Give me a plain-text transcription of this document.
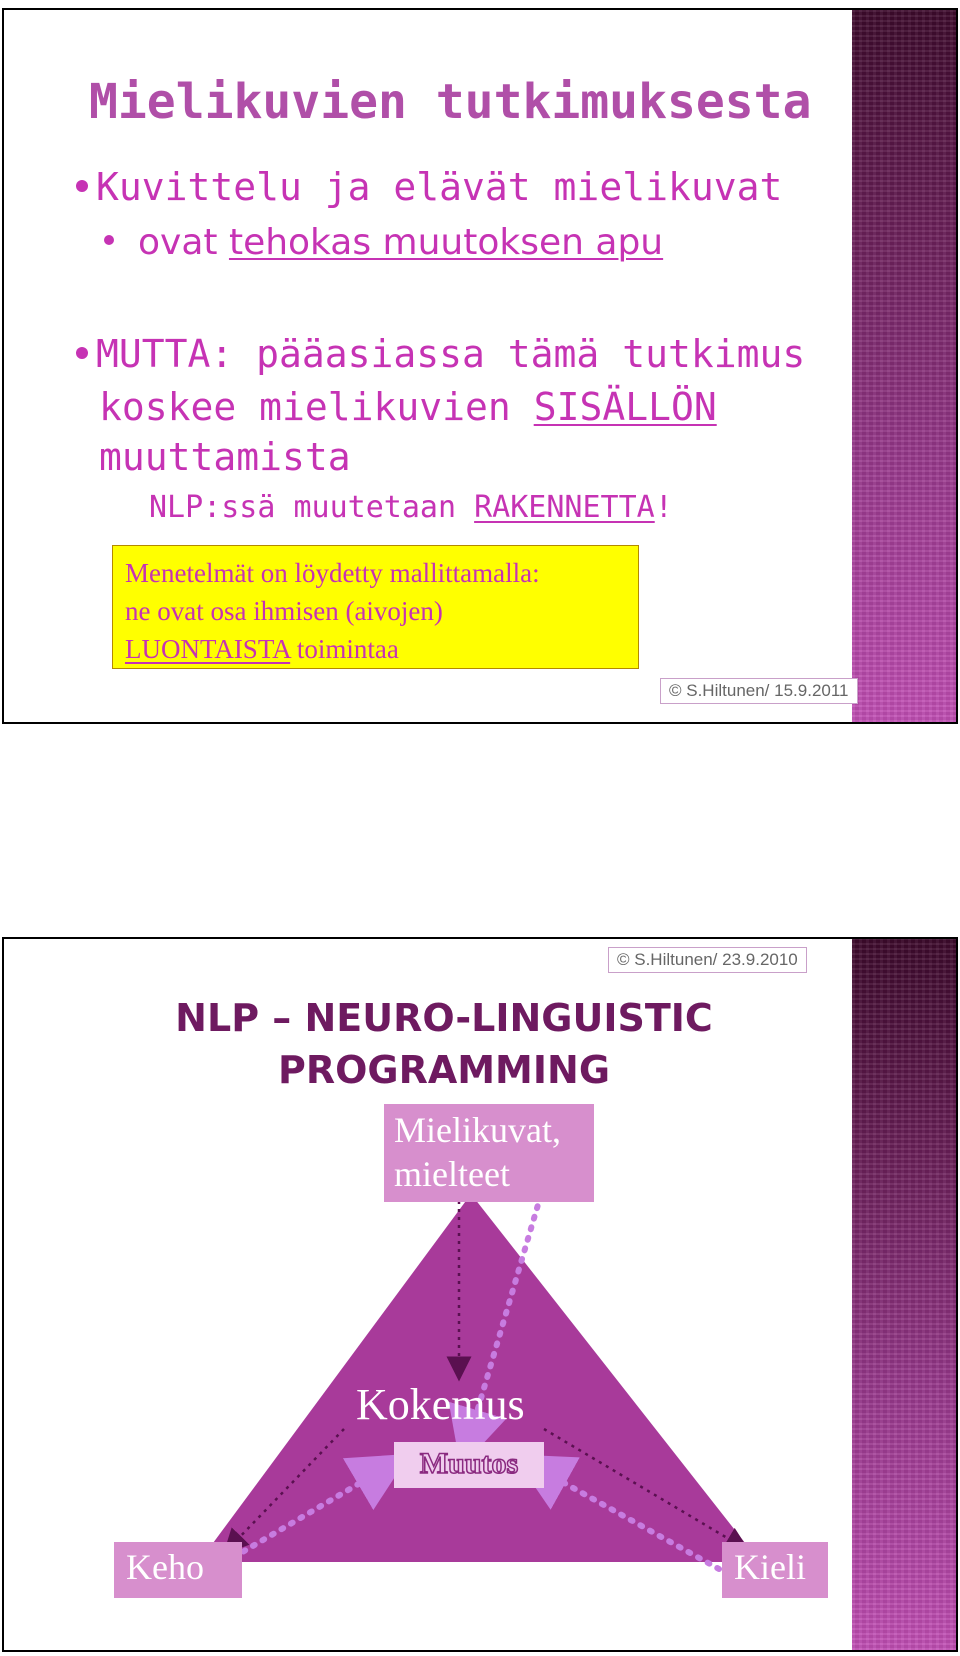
Mielikuvien tutkimuksesta
Kuvittelu ja elävät mielikuvat
ovat tehokas muutoksen apu
MUTTA: pääasiassa tämä tutkimus
koskee mielikuvien SISÄLLÖN
muuttamista
NLP:ssä muutetaan RAKENNETTA!
Menetelmät on löydetty mallittamalla:
ne ovat osa ihmisen (aivojen)
LUONTAISTA toimintaa
© S.Hiltunen/ 15.9.2011
© S.Hiltunen/ 23.9.2010
NLP – NEURO-LINGUISTIC
PROGRAMMING
Mielikuvat,
mielteet
Kokemus
Muutos
Keho	Kieli
